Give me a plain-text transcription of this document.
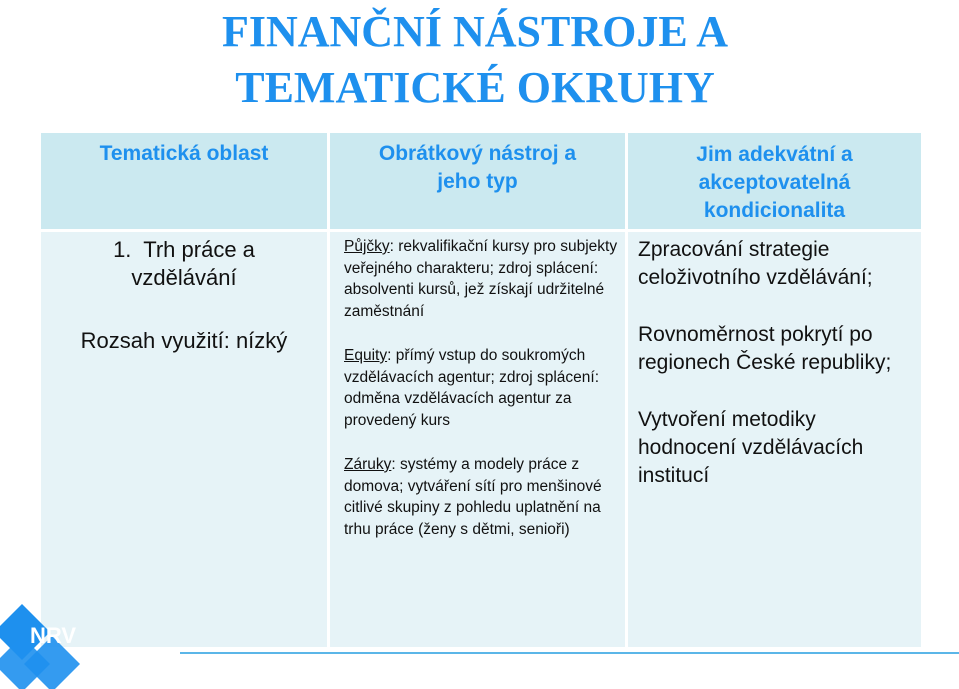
FINANČNÍ NÁSTROJE A
TEMATICKÉ OKRUHY
Tematická oblast	Obrátkový nástroj a
jeho typ
Jim adekvátní a
akceptovatelná
kondicionalita
1.  Trh práce a
vzdělávání
Rozsah využití: nízký

Půjčky: rekvalifikační kursy pro subjekty veřejného charakteru; zdroj splácení: absolventi kursů, jež získají udržitelné zaměstnání

Equity: přímý vstup do soukromých vzdělávacích agentur; zdroj splácení: odměna vzdělávacích agentur za provedený kurs

Záruky: systémy a modely práce z domova; vytváření sítí pro menšinové citlivé skupiny z pohledu uplatnění na trhu práce (ženy s dětmi, senioři)

Zpracování strategie celoživotního vzdělávání;

Rovnoměrnost pokrytí po regionech České republiky;

Vytvoření metodiky hodnocení vzdělávacích institucí

NRV
